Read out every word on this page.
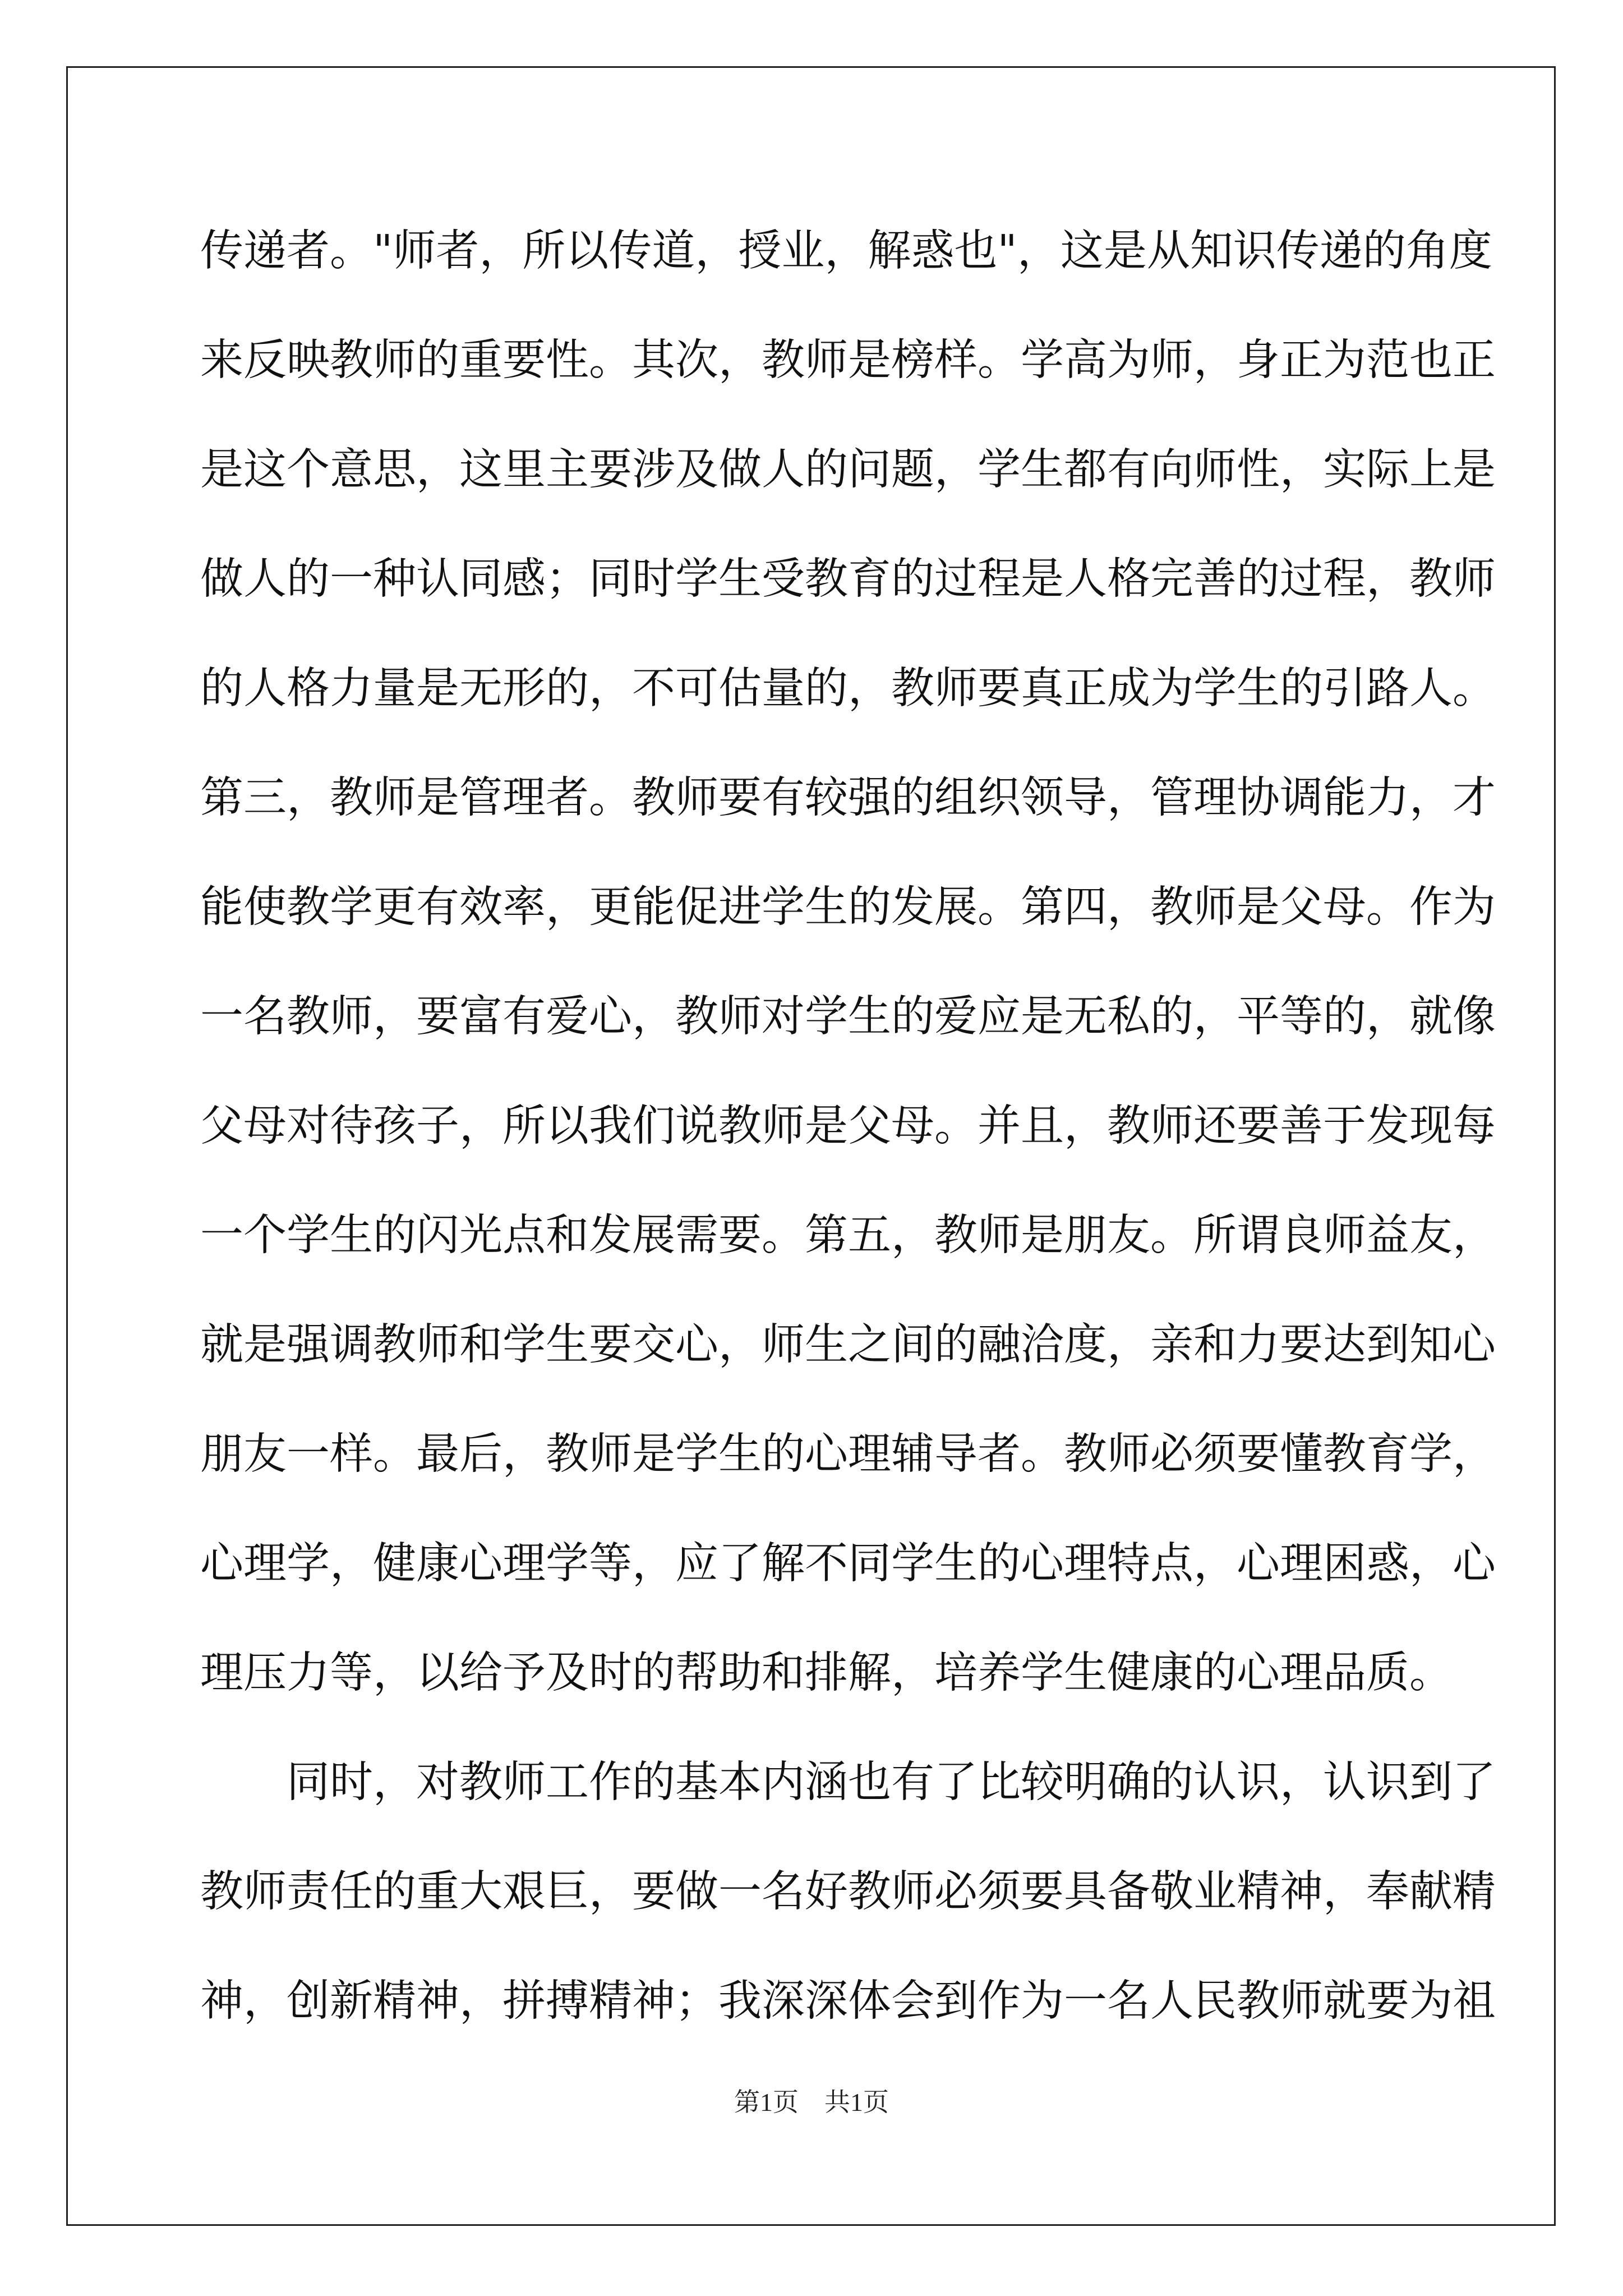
传递者。"师者，所以传道，授业，解惑也"，这是从知识传递的角度
来反映教师的重要性。其次，教师是榜样。学高为师，身正为范也正
是这个意思，这里主要涉及做人的问题，学生都有向师性，实际上是
做人的一种认同感；同时学生受教育的过程是人格完善的过程，教师
的人格力量是无形的，不可估量的，教师要真正成为学生的引路人。
第三，教师是管理者。教师要有较强的组织领导，管理协调能力，才
能使教学更有效率，更能促进学生的发展。第四，教师是父母。作为
一名教师，要富有爱心，教师对学生的爱应是无私的，平等的，就像
父母对待孩子，所以我们说教师是父母。并且，教师还要善于发现每
一个学生的闪光点和发展需要。第五，教师是朋友。所谓良师益友，
就是强调教师和学生要交心，师生之间的融洽度，亲和力要达到知心
朋友一样。最后，教师是学生的心理辅导者。教师必须要懂教育学，
心理学，健康心理学等，应了解不同学生的心理特点，心理困惑，心
理压力等，以给予及时的帮助和排解，培养学生健康的心理品质。
同时，对教师工作的基本内涵也有了比较明确的认识，认识到了
教师责任的重大艰巨，要做一名好教师必须要具备敬业精神，奉献精
神，创新精神，拼搏精神；我深深体会到作为一名人民教师就要为祖
第1页　共1页
